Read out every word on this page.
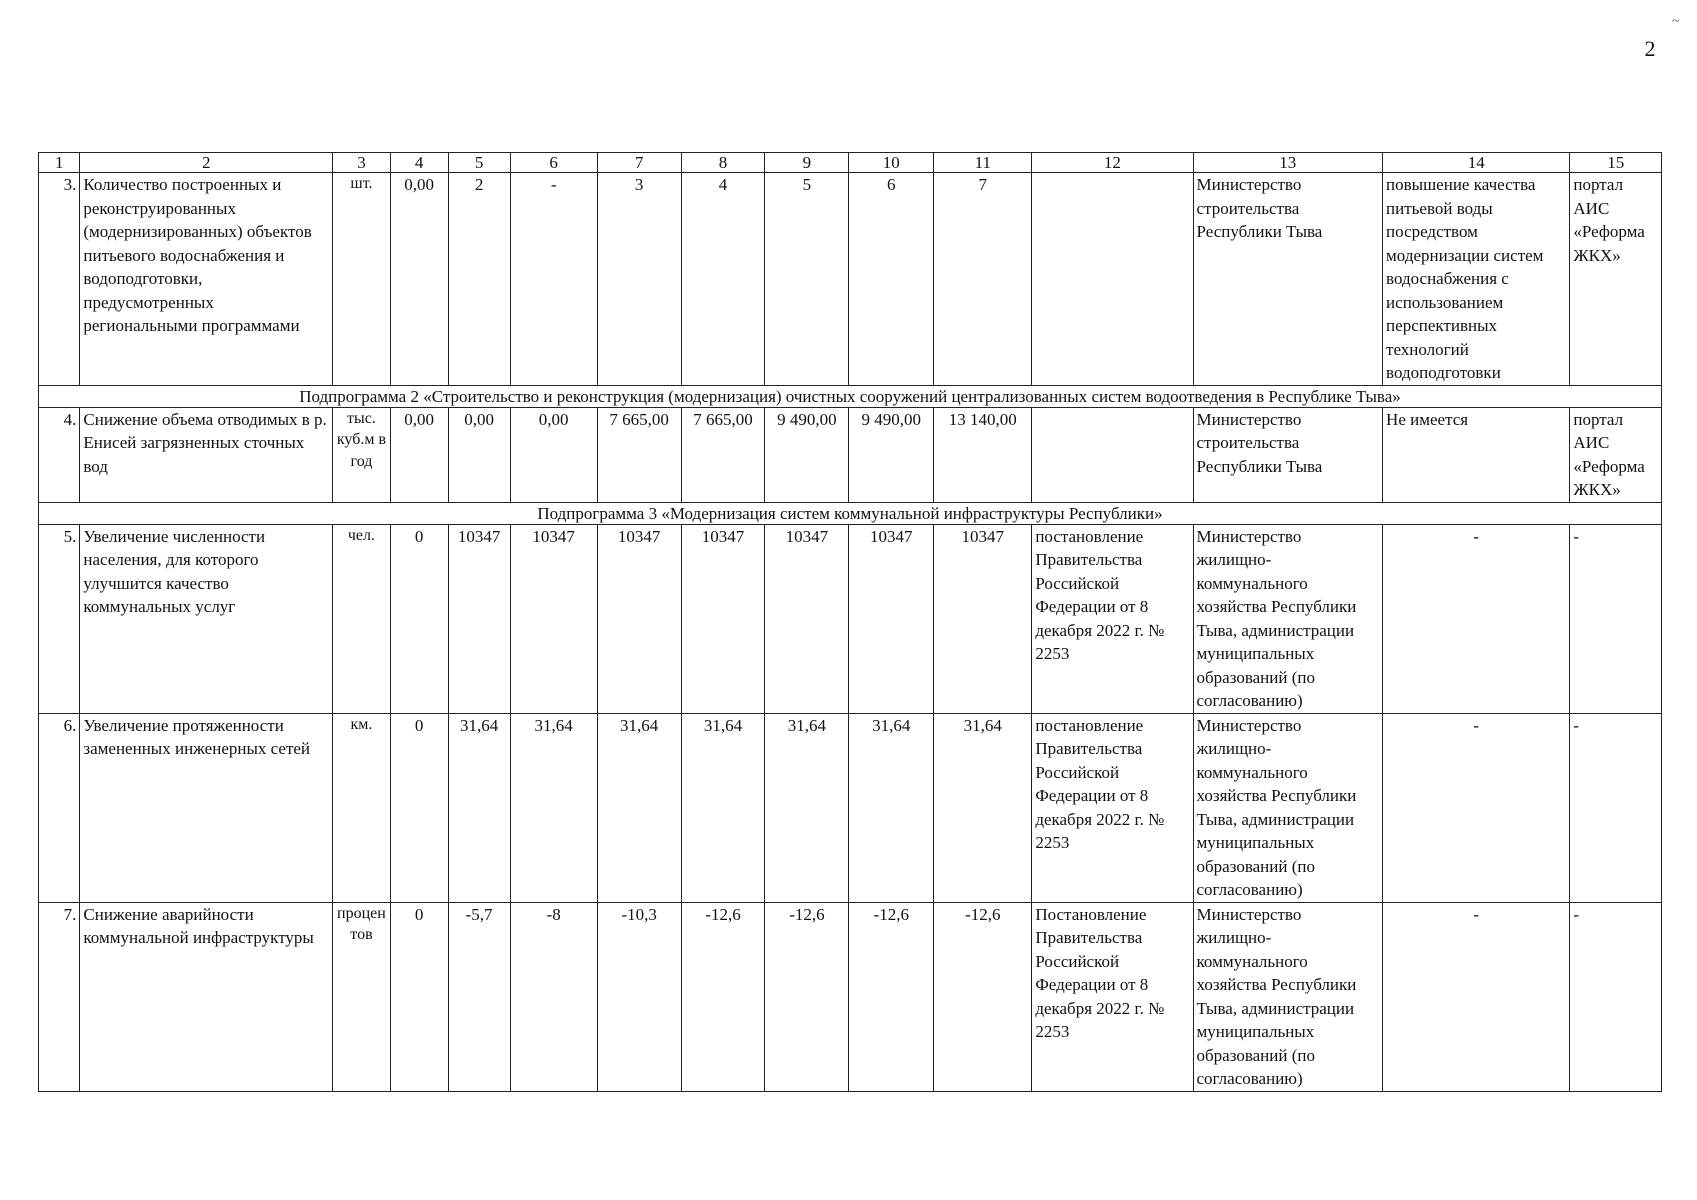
2
~
1	2	3	4	5	6	7	8	9	10	11	12	13	14	15
3.	Количество построенных и реконструированных (модернизированных) объектов питьевого водоснабжения и водоподготовки, предусмотренных региональными программами	шт.	0,00	2	-	3	4	5	6	7		Министерство строительства Республики Тыва	повышение качества питьевой воды посредством модернизации систем водоснабжения с использованием перспективных технологий водоподготовки	портал АИС «Реформа ЖКХ»
Подпрограмма 2 «Строительство и реконструкция (модернизация) очистных сооружений централизованных систем водоотведения в Республике Тыва»														
4.	Снижение объема отводимых в р. Енисей загрязненных сточных вод	тыс. куб.м в год	0,00	0,00	0,00	7 665,00	7 665,00	9 490,00	9 490,00	13 140,00		Министерство строительства Республики Тыва	Не имеется	портал АИС «Реформа ЖКХ»
Подпрограмма 3 «Модернизация систем коммунальной инфраструктуры Республики»														
5.	Увеличение численности населения, для которого улучшится качество коммунальных услуг	чел.	0	10347	10347	10347	10347	10347	10347	10347	постановление Правительства Российской Федерации от 8 декабря 2022 г. № 2253	Министерство жилищно-коммунального хозяйства Республики Тыва, администрации муниципальных образований (по согласованию)	-	-
6.	Увеличение протяженности замененных инженерных сетей	км.	0	31,64	31,64	31,64	31,64	31,64	31,64	31,64	постановление Правительства Российской Федерации от 8 декабря 2022 г. № 2253	Министерство жилищно-коммунального хозяйства Республики Тыва, администрации муниципальных образований (по согласованию)	-	-
7.	Снижение аварийности коммунальной инфраструктуры	процентов	0	-5,7	-8	-10,3	-12,6	-12,6	-12,6	-12,6	Постановление Правительства Российской Федерации от 8 декабря 2022 г. № 2253	Министерство жилищно-коммунального хозяйства Республики Тыва, администрации муниципальных образований (по согласованию)	-	-
